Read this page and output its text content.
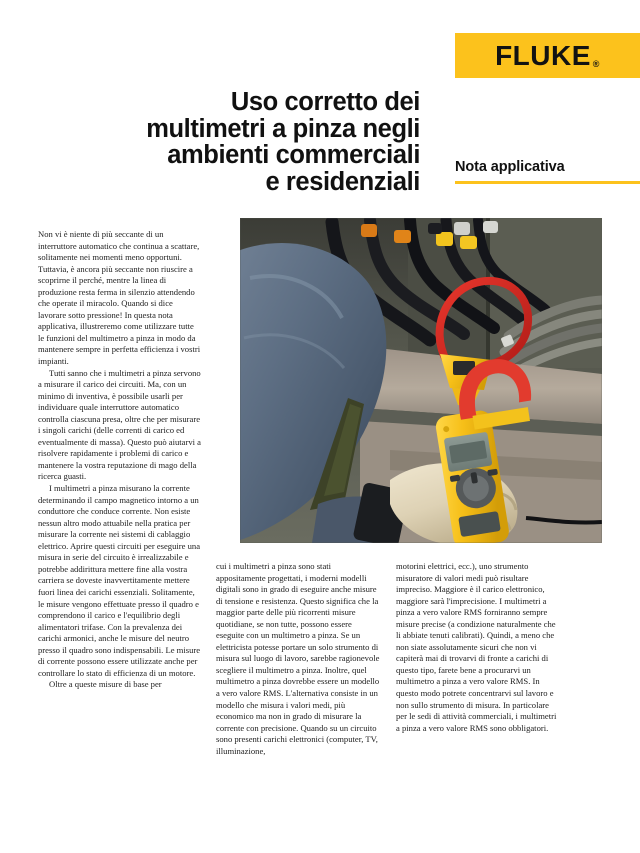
FLUKE ®
Uso corretto dei
multimetri a pinza negli
ambienti commerciali
e residenziali
Nota applicativa

Non vi è niente di più seccante di un interruttore automatico che continua a scattare, solitamente nei momenti meno opportuni. Tuttavia, è ancora più seccante non riuscire a scoprirne il perché, mentre la linea di produzione resta ferma in silenzio attendendo che operate il miracolo. Quando si dice lavorare sotto pressione! In questa nota applicativa, illustreremo come utilizzare tutte le funzioni del multimetro a pinza in modo da mantenere sempre in perfetta efficienza i vostri impianti.

Tutti sanno che i multimetri a pinza servono a misurare il carico dei circuiti. Ma, con un minimo di inventiva, è possibile usarli per individuare quale interruttore automatico controlla ciascuna presa, oltre che per misurare i singoli carichi (delle correnti di carico ed eventualmente di massa). Questo può aiutarvi a risolvere rapidamente i problemi di carico e mantenere la vostra reputazione di mago della ricerca guasti.

I multimetri a pinza misurano la corrente determinando il campo magnetico intorno a un conduttore che conduce corrente. Non esiste nessun altro modo attuabile nella pratica per misurare la corrente nei sistemi di cablaggio elettrico. Aprire questi circuiti per eseguire una misura in serie del circuito è irrealizzabile e potrebbe addirittura mettere fine alla vostra carriera se doveste inavvertitamente mettere fuori linea dei carichi essenziali. Solitamente, le misure vengono effettuate presso il quadro e comprendono il carico e l'equilibrio degli alimentatori trifase. Con la prevalenza dei carichi armonici, anche le misure del neutro presso il quadro sono indispensabili. Le misure di corrente possono essere utilizzate anche per controllare lo stato di efficienza di un motore.

Oltre a queste misure di base per

cui i multimetri a pinza sono stati appositamente progettati, i moderni modelli digitali sono in grado di eseguire anche misure di tensione e resistenza. Questo significa che la maggior parte delle più ricorrenti misure quotidiane, se non tutte, possono essere eseguite con un multimetro a pinza. Se un elettricista potesse portare un solo strumento di misura sul luogo di lavoro, sarebbe ragionevole scegliere il multimetro a pinza. Inoltre, quel multimetro a pinza dovrebbe essere un modello a vero valore RMS. L'alternativa consiste in un modello che misura i valori medi, più economico ma non in grado di misurare la corrente con precisione. Quando su un circuito sono presenti carichi elettronici (computer, TV, illuminazione,

motorini elettrici, ecc.), uno strumento misuratore di valori medi può risultare impreciso. Maggiore è il carico elettronico, maggiore sarà l'imprecisione. I multimetri a pinza a vero valore RMS forniranno sempre misure precise (a condizione naturalmente che li abbiate tenuti calibrati). Quindi, a meno che non siate assolutamente sicuri che non vi capiterà mai di trovarvi di fronte a carichi di questo tipo, farete bene a procurarvi un multimetro a pinza a vero valore RMS. In questo modo potrete concentrarvi sul lavoro e non sullo strumento di misura. In particolare per le sedi di attività commerciali, i multimetri a pinza a vero valore RMS sono obbligatori.
